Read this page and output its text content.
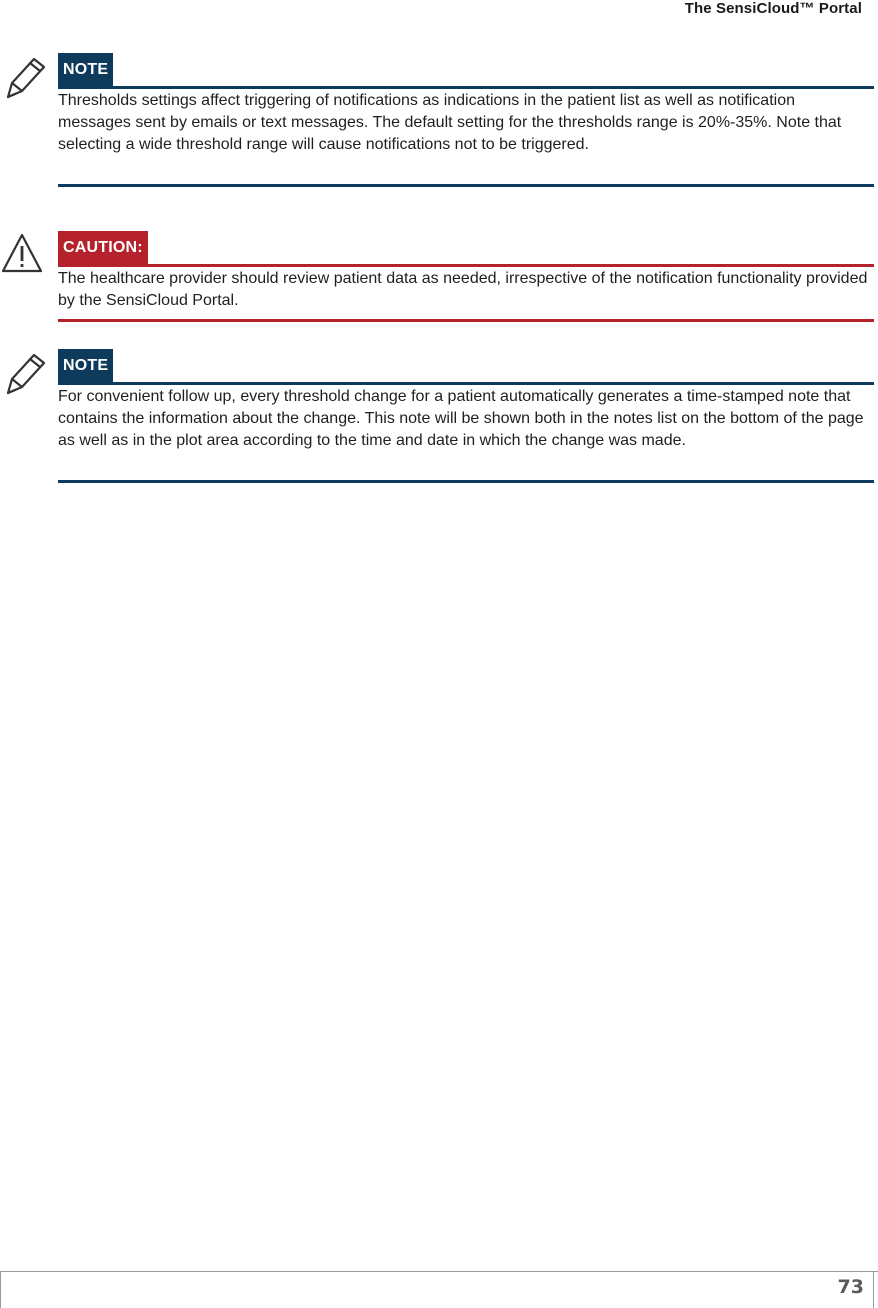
The SensiCloud™ Portal
NOTE
Thresholds settings affect triggering of notifications as indications in the patient list as well as notification messages sent by emails or text messages. The default setting for the thresholds range is 20%-35%. Note that selecting a wide threshold range will cause notifications not to be triggered.
CAUTION:
The healthcare provider should review patient data as needed, irrespective of the notification functionality provided by the SensiCloud Portal.
NOTE
For convenient follow up, every threshold change for a patient automatically generates a time-stamped note that contains the information about the change. This note will be shown both in the notes list on the bottom of the page as well as in the plot area according to the time and date in which the change was made.
73
